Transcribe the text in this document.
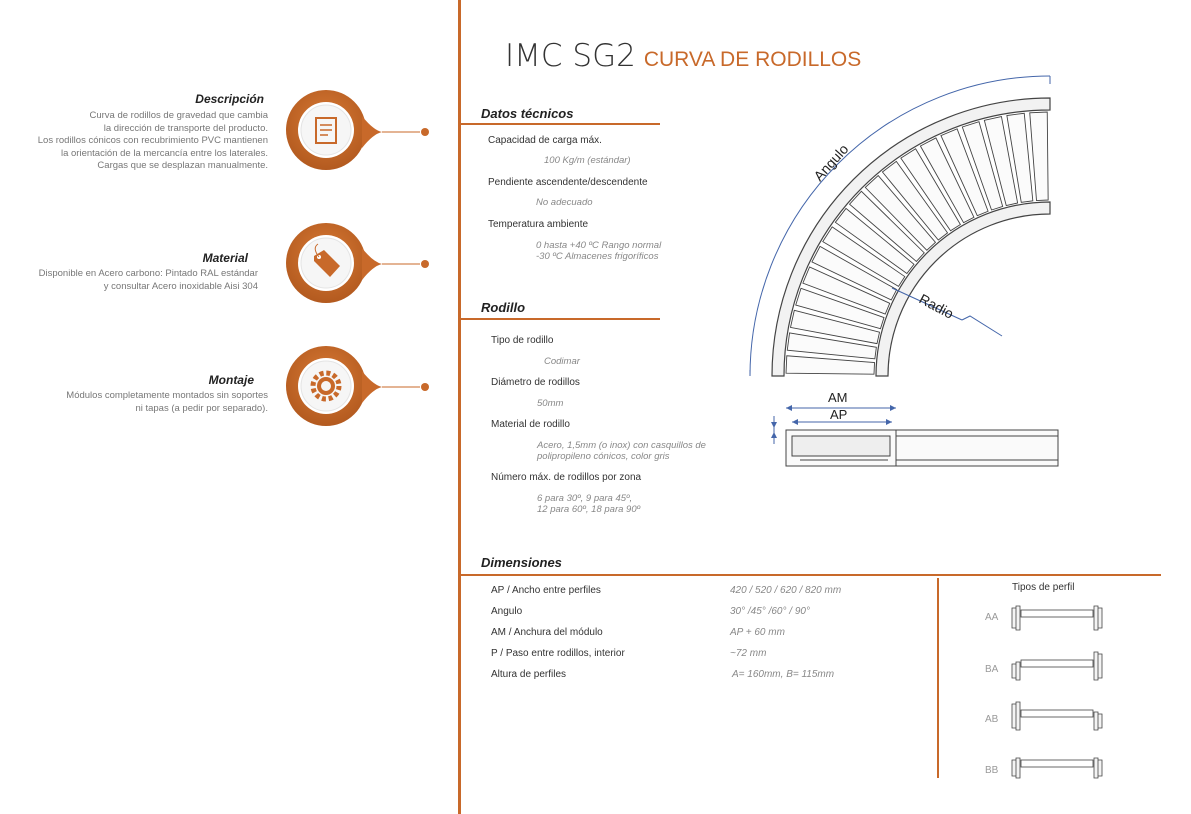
IMC SG2 CURVA DE RODILLOS
Descripción
Curva de rodillos de gravedad que cambia
la dirección de transporte del producto.
Los rodillos cónicos con recubrimiento PVC mantienen
la orientación de la mercancía entre los laterales.
Cargas que se desplazan manualmente.
Material
Disponible en Acero carbono: Pintado RAL estándar
y consultar Acero inoxidable Aisi 304
Montaje
Módulos completamente montados sin soportes
ni tapas (a pedir por separado).
Datos técnicos
Capacidad de carga máx.
100 Kg/m (estándar)
Pendiente ascendente/descendente
No adecuado
Temperatura ambiente
0 hasta +40 ºC Rango normal
-30 ºC Almacenes frigoríficos
Rodillo
Tipo de rodillo
Codimar
Diámetro de rodillos
50mm
Material de rodillo
Acero, 1,5mm (o inox) con casquillos de
polipropileno cónicos, color gris
Número máx. de rodillos por zona
6 para 30º, 9 para 45º,
12 para 60º, 18 para 90º
Angulo
Radio
AM
AP
Dimensiones
AP / Ancho entre perfiles	420 / 520 / 620 / 820 mm
Angulo	30° /45° /60° / 90°
AM / Anchura del módulo	AP + 60 mm
P / Paso entre rodillos, interior	~72 mm
Altura de perfiles	A= 160mm, B= 115mm
Tipos de perfil
AA
BA
AB
BB
